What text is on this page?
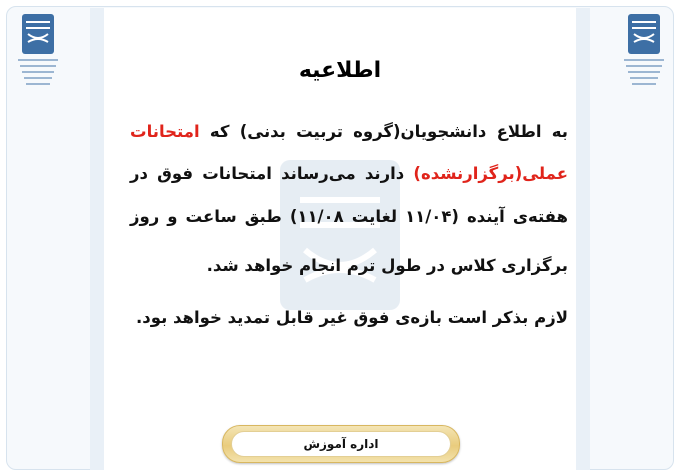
اطلاعیه
به اطلاع دانشجویان(گروه تربیت بدنی) که امتحانات
عملی(برگزارنشده) دارند می‌رساند امتحانات فوق در
هفته‌ی آینده (۱۱/۰۴ لغایت ۱۱/۰۸) طبق ساعت و روز
برگزاری کلاس در طول ترم انجام خواهد شد.
لازم بذکر است بازه‌ی فوق غیر قابل تمدید خواهد بود.
اداره آموزش
